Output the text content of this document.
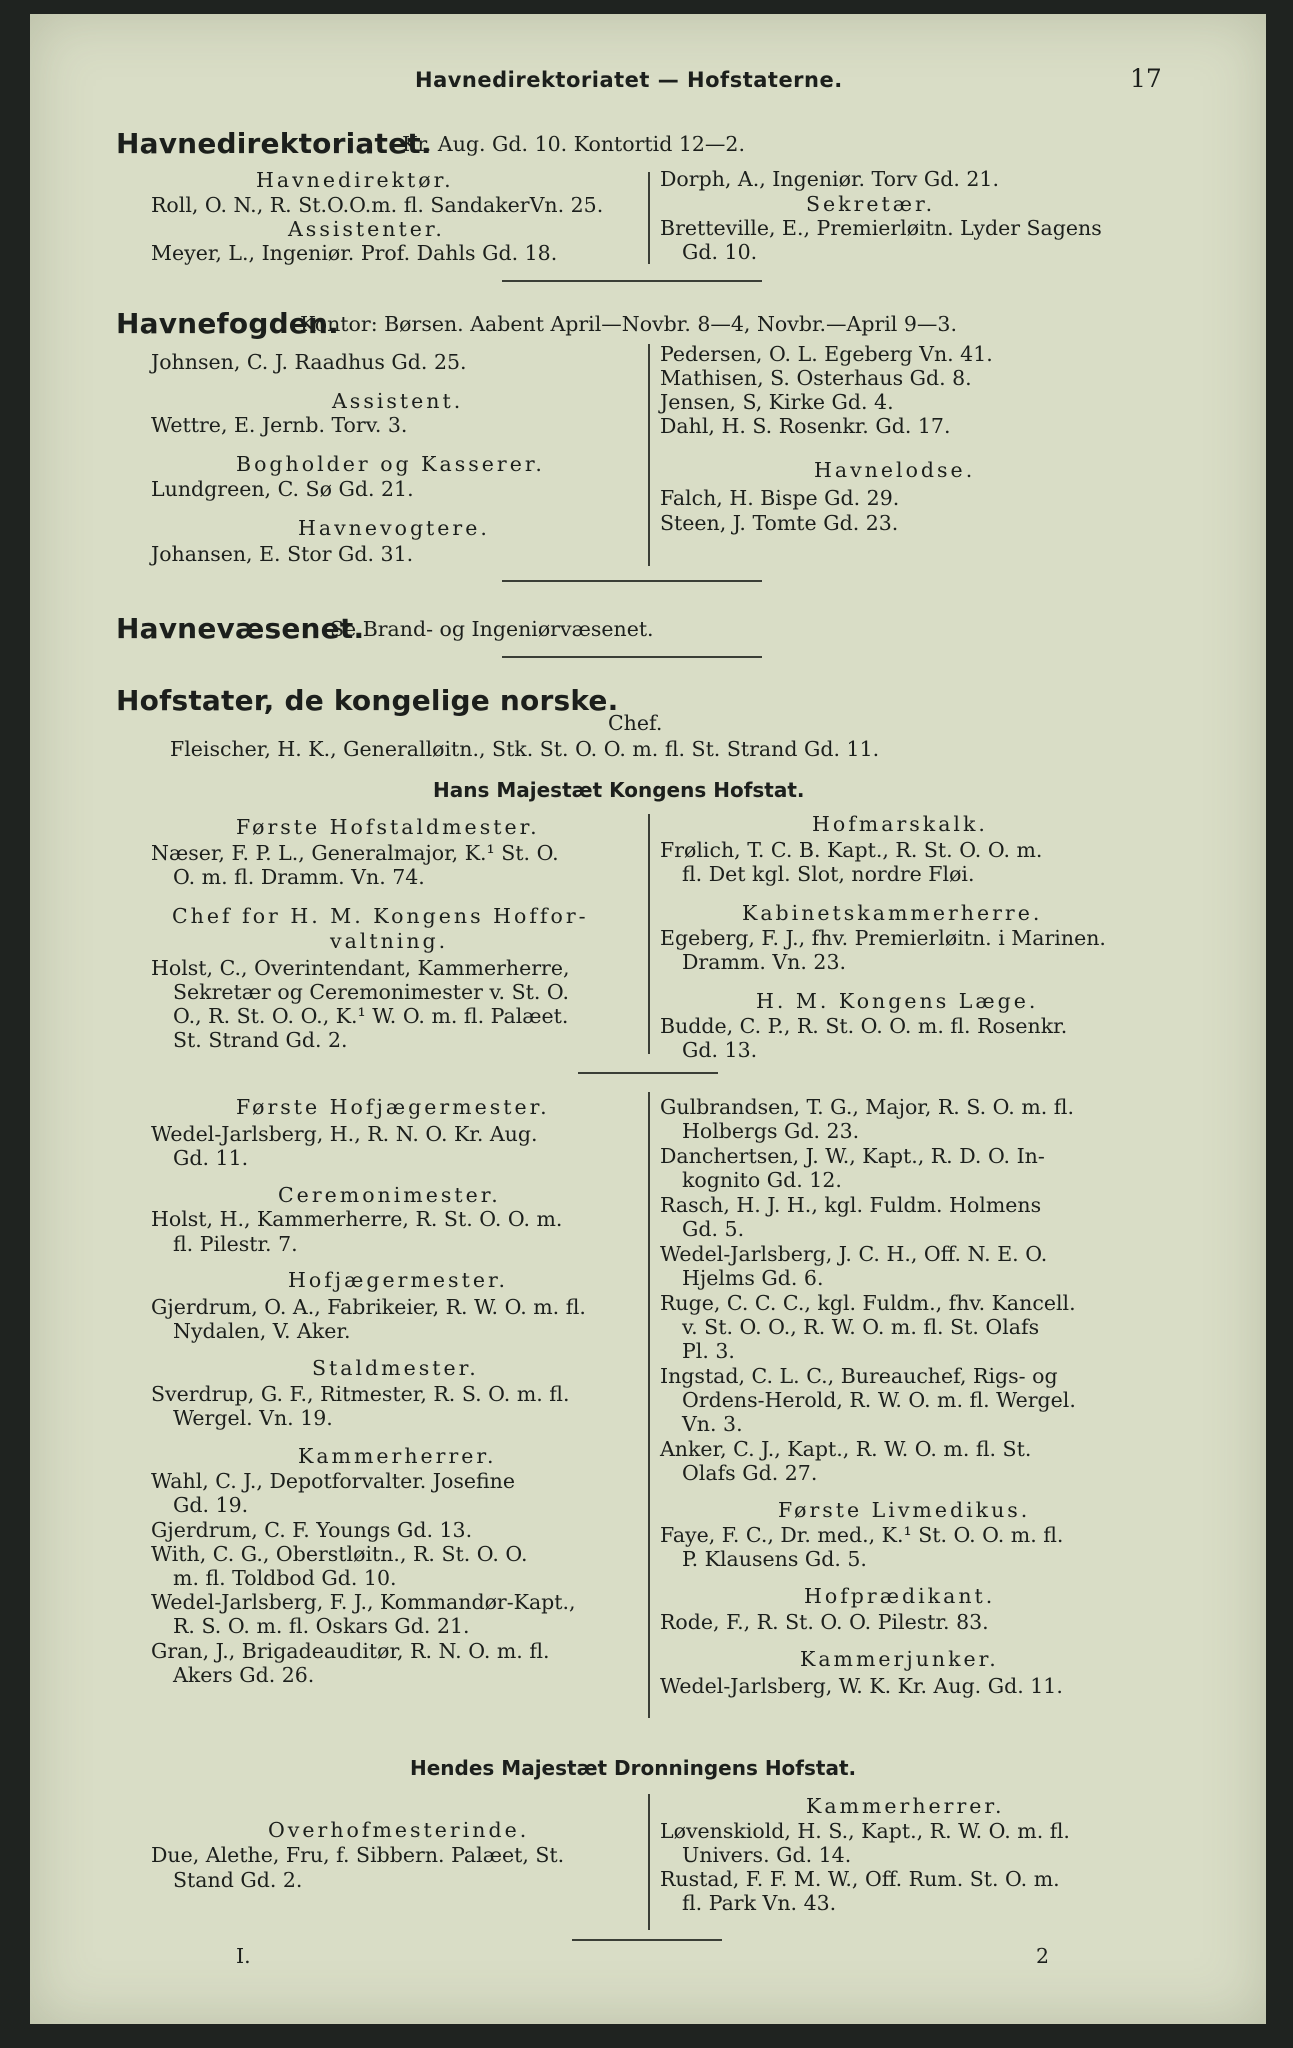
Havnedirektoriatet — Hofstaterne.	17
Havnedirektoriatet.
Kr. Aug. Gd. 10. Kontortid 12—2.
Havnedirektør.
Roll, O. N., R. St.O.O.m. fl. SandakerVn. 25.
Assistenter.
Meyer, L., Ingeniør. Prof. Dahls Gd. 18.
Dorph, A., Ingeniør. Torv Gd. 21.
Sekretær.
Bretteville, E., Premierløitn. Lyder Sagens
Gd. 10.
Havnefogden.
Kontor: Børsen. Aabent April—Novbr. 8—4, Novbr.—April 9—3.
Johnsen, C. J. Raadhus Gd. 25.
Assistent.
Wettre, E. Jernb. Torv. 3.
Bogholder og Kasserer.
Lundgreen, C. Sø Gd. 21.
Havnevogtere.
Johansen, E. Stor Gd. 31.
Pedersen, O. L. Egeberg Vn. 41.
Mathisen, S. Osterhaus Gd. 8.
Jensen, S, Kirke Gd. 4.
Dahl, H. S. Rosenkr. Gd. 17.
Havnelodse.
Falch, H. Bispe Gd. 29.
Steen, J. Tomte Gd. 23.
Havnevæsenet.
Se Brand- og Ingeniørvæsenet.
Hofstater, de kongelige norske.
Chef.
Fleischer, H. K., Generalløitn., Stk. St. O. O. m. fl. St. Strand Gd. 11.
Hans Majestæt Kongens Hofstat.
Første Hofstaldmester.
Næser, F. P. L., Generalmajor, K.¹ St. O.
O. m. fl. Dramm. Vn. 74.
Chef for H. M. Kongens Hoffor-
valtning.
Holst, C., Overintendant, Kammerherre,
Sekretær og Ceremonimester v. St. O.
O., R. St. O. O., K.¹ W. O. m. fl. Palæet.
St. Strand Gd. 2.
Hofmarskalk.
Frølich, T. C. B. Kapt., R. St. O. O. m.
fl. Det kgl. Slot, nordre Fløi.
Kabinetskammerherre.
Egeberg, F. J., fhv. Premierløitn. i Marinen.
Dramm. Vn. 23.
H. M. Kongens Læge.
Budde, C. P., R. St. O. O. m. fl. Rosenkr.
Gd. 13.
Første Hofjægermester.
Wedel-Jarlsberg, H., R. N. O. Kr. Aug.
Gd. 11.
Ceremonimester.
Holst, H., Kammerherre, R. St. O. O. m.
fl. Pilestr. 7.
Hofjægermester.
Gjerdrum, O. A., Fabrikeier, R. W. O. m. fl.
Nydalen, V. Aker.
Staldmester.
Sverdrup, G. F., Ritmester, R. S. O. m. fl.
Wergel. Vn. 19.
Kammerherrer.
Wahl, C. J., Depotforvalter. Josefine
Gd. 19.
Gjerdrum, C. F. Youngs Gd. 13.
With, C. G., Oberstløitn., R. St. O. O.
m. fl. Toldbod Gd. 10.
Wedel-Jarlsberg, F. J., Kommandør-Kapt.,
R. S. O. m. fl. Oskars Gd. 21.
Gran, J., Brigadeauditør, R. N. O. m. fl.
Akers Gd. 26.
Gulbrandsen, T. G., Major, R. S. O. m. fl.
Holbergs Gd. 23.
Danchertsen, J. W., Kapt., R. D. O. In-
kognito Gd. 12.
Rasch, H. J. H., kgl. Fuldm. Holmens
Gd. 5.
Wedel-Jarlsberg, J. C. H., Off. N. E. O.
Hjelms Gd. 6.
Ruge, C. C. C., kgl. Fuldm., fhv. Kancell.
v. St. O. O., R. W. O. m. fl. St. Olafs
Pl. 3.
Ingstad, C. L. C., Bureauchef, Rigs- og
Ordens-Herold, R. W. O. m. fl. Wergel.
Vn. 3.
Anker, C. J., Kapt., R. W. O. m. fl. St.
Olafs Gd. 27.
Første Livmedikus.
Faye, F. C., Dr. med., K.¹ St. O. O. m. fl.
P. Klausens Gd. 5.
Hofprædikant.
Rode, F., R. St. O. O. Pilestr. 83.
Kammerjunker.
Wedel-Jarlsberg, W. K. Kr. Aug. Gd. 11.
Hendes Majestæt Dronningens Hofstat.
Overhofmesterinde.
Due, Alethe, Fru, f. Sibbern. Palæet, St.
Stand Gd. 2.
Kammerherrer.
Løvenskiold, H. S., Kapt., R. W. O. m. fl.
Univers. Gd. 14.
Rustad, F. F. M. W., Off. Rum. St. O. m.
fl. Park Vn. 43.
I.	2
